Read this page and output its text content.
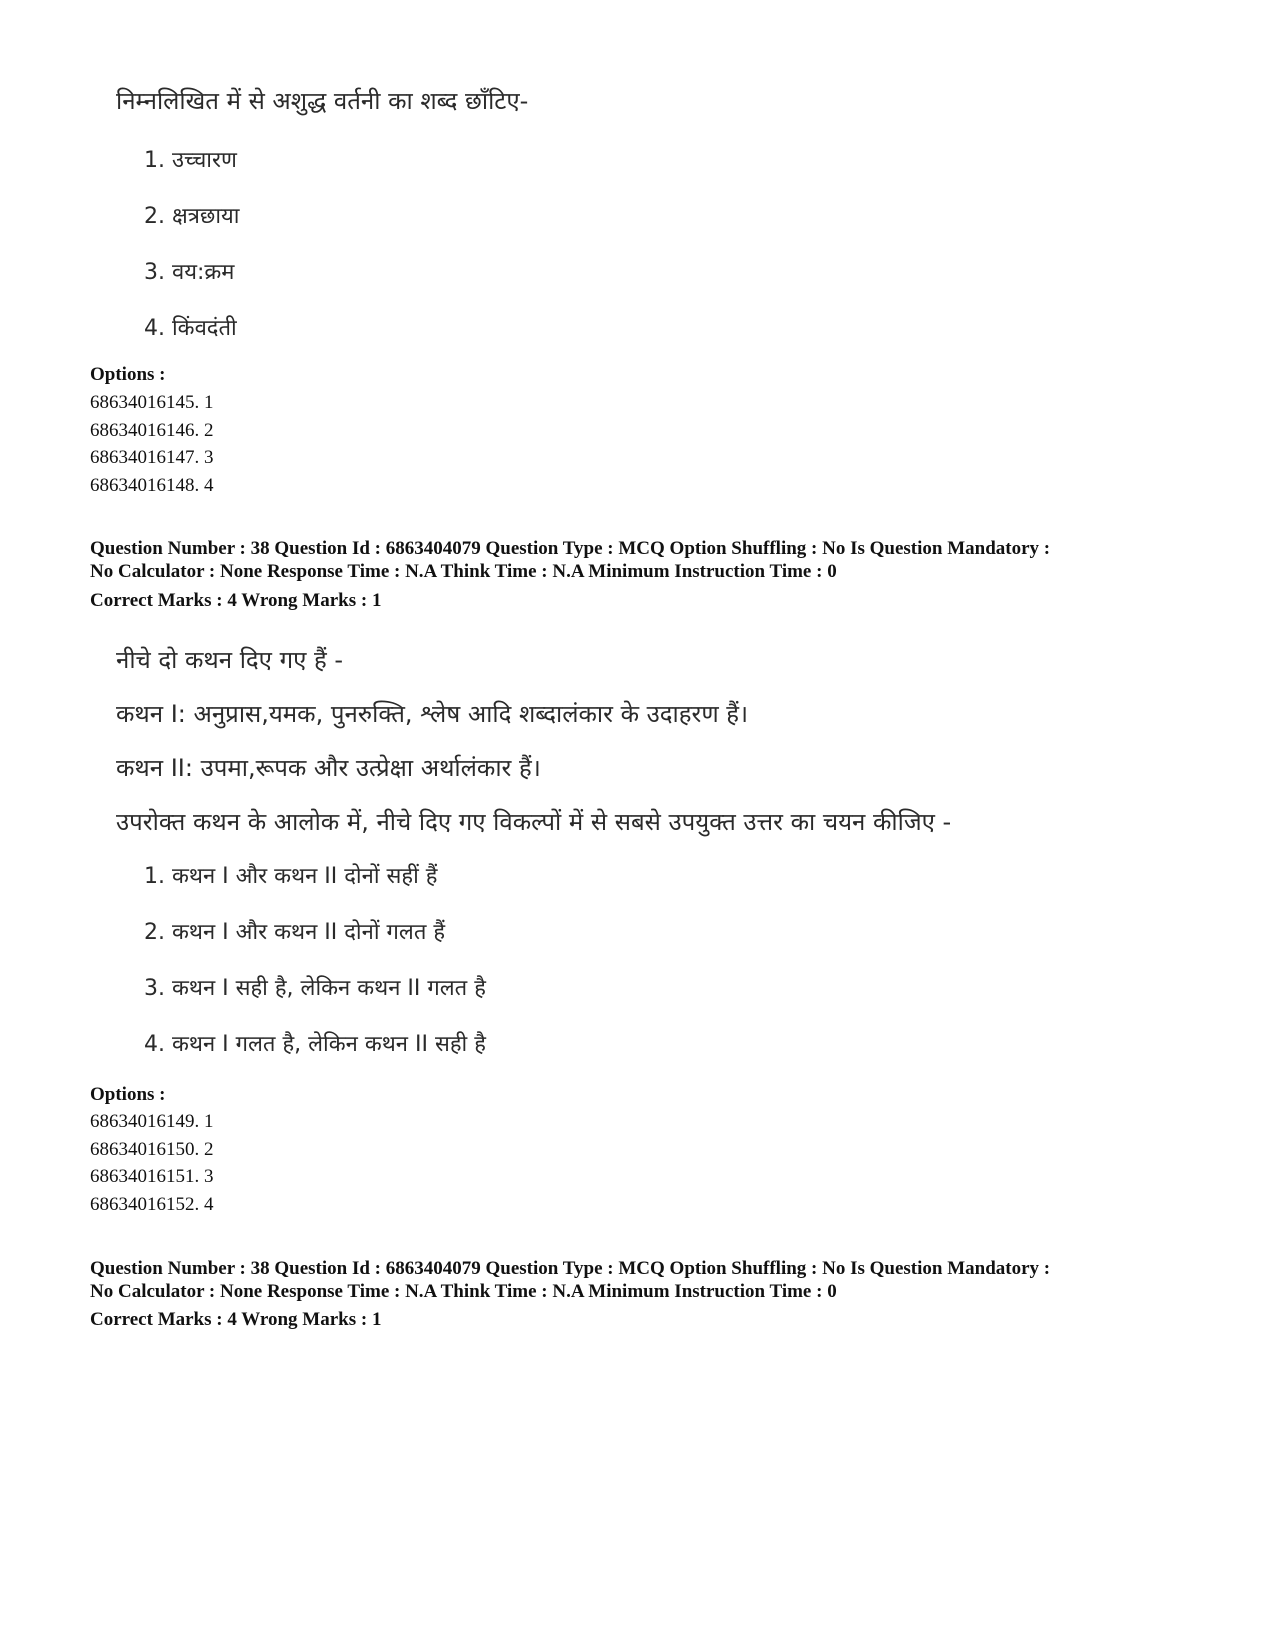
निम्नलिखित में से अशुद्ध वर्तनी का शब्द छाँटिए-
1. उच्चारण
2. क्षत्रछाया
3. वय:क्रम
4. किंवदंती
Options :
68634016145. 1
68634016146. 2
68634016147. 3
68634016148. 4
Question Number : 38 Question Id : 6863404079 Question Type : MCQ Option Shuffling : No Is Question Mandatory :
No Calculator : None Response Time : N.A Think Time : N.A Minimum Instruction Time : 0
Correct Marks : 4 Wrong Marks : 1
नीचे दो कथन दिए गए हैं -
कथन I: अनुप्रास,यमक, पुनरुक्ति, श्लेष आदि शब्दालंकार के उदाहरण हैं।
कथन II: उपमा,रूपक और उत्प्रेक्षा अर्थालंकार हैं।
उपरोक्त कथन के आलोक में, नीचे दिए गए विकल्पों में से सबसे उपयुक्त उत्तर का चयन कीजिए -
1. कथन I और कथन II दोनों सहीं हैं
2. कथन I और कथन II दोनों गलत हैं
3. कथन I सही है, लेकिन कथन II गलत है
4. कथन I गलत है, लेकिन कथन II सही है
Options :
68634016149. 1
68634016150. 2
68634016151. 3
68634016152. 4
Question Number : 38 Question Id : 6863404079 Question Type : MCQ Option Shuffling : No Is Question Mandatory :
No Calculator : None Response Time : N.A Think Time : N.A Minimum Instruction Time : 0
Correct Marks : 4 Wrong Marks : 1
